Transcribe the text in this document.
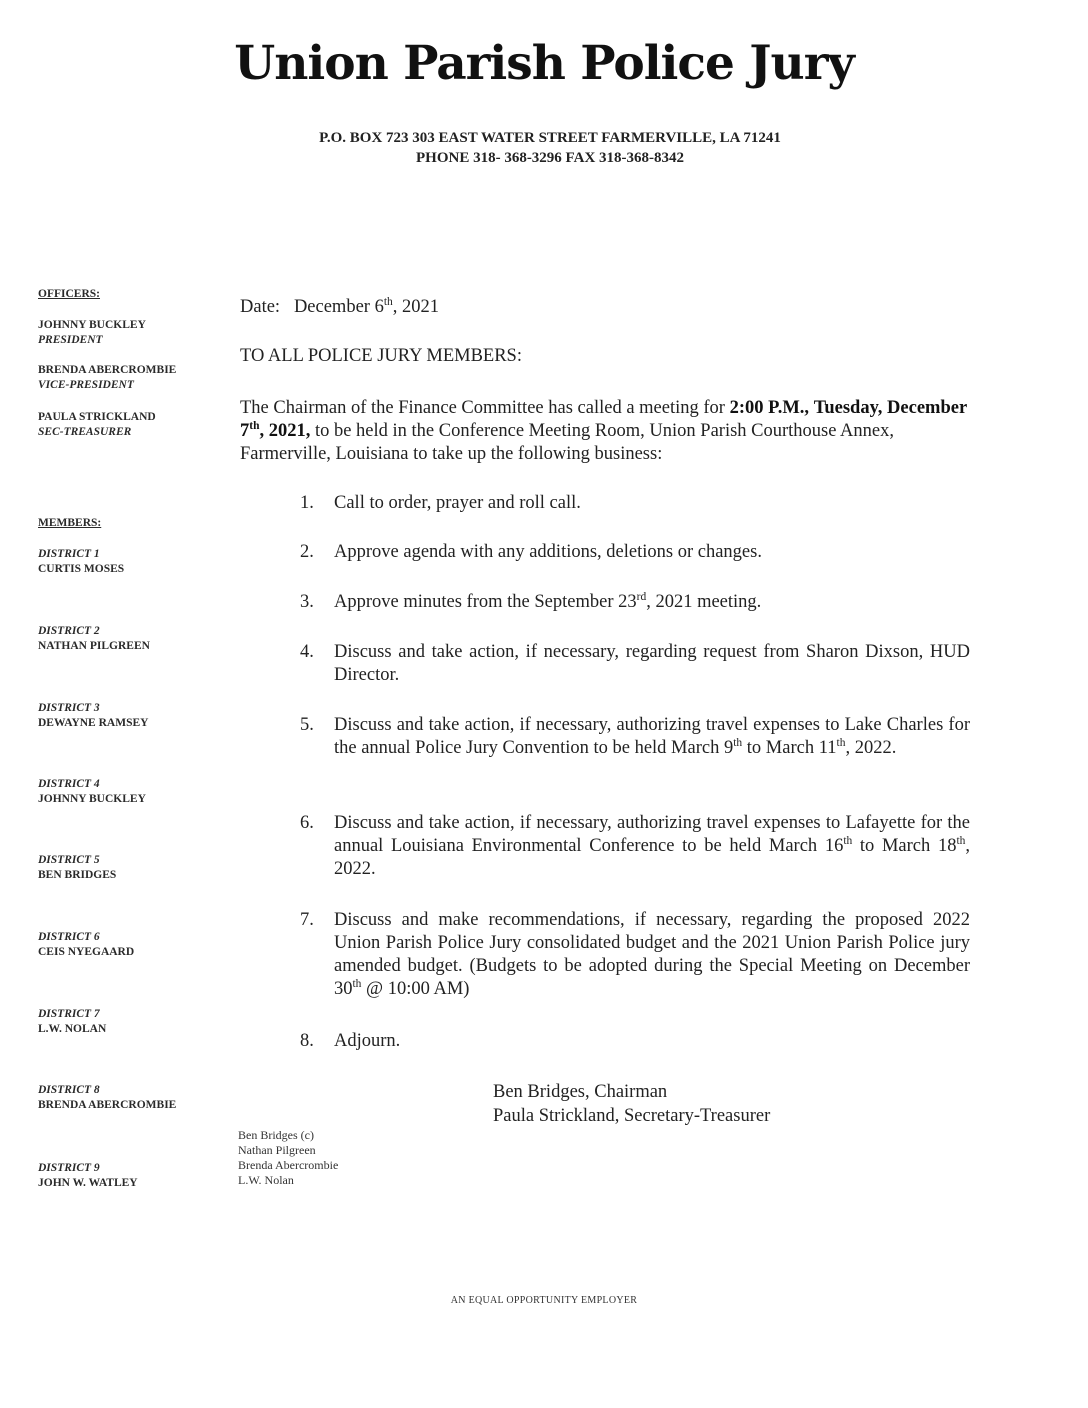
Union Parish Police Jury
P.O. BOX 723 303 EAST WATER STREET FARMERVILLE, LA 71241
PHONE 318- 368-3296 FAX 318-368-8342
OFFICERS:
JOHNNY BUCKLEY
PRESIDENT
BRENDA ABERCROMBIE
VICE-PRESIDENT
PAULA STRICKLAND
SEC-TREASURER
MEMBERS:
DISTRICT 1
CURTIS MOSES
DISTRICT 2
NATHAN PILGREEN
DISTRICT 3
DEWAYNE RAMSEY
DISTRICT 4
JOHNNY BUCKLEY
DISTRICT 5
BEN BRIDGES
DISTRICT 6
CEIS NYEGAARD
DISTRICT 7
L.W. NOLAN
DISTRICT 8
BRENDA ABERCROMBIE
DISTRICT 9
JOHN W. WATLEY
Date: December 6th, 2021
TO ALL POLICE JURY MEMBERS:
The Chairman of the Finance Committee has called a meeting for 2:00 P.M., Tuesday, December 7th, 2021, to be held in the Conference Meeting Room, Union Parish Courthouse Annex, Farmerville, Louisiana to take up the following business:
1.	Call to order, prayer and roll call.
2.	Approve agenda with any additions, deletions or changes.
3.	Approve minutes from the September 23rd, 2021 meeting.
4.	Discuss and take action, if necessary, regarding request from Sharon Dixson, HUD Director.
5.	Discuss and take action, if necessary, authorizing travel expenses to Lake Charles for the annual Police Jury Convention to be held March 9th to March 11th, 2022.
6.	Discuss and take action, if necessary, authorizing travel expenses to Lafayette for the annual Louisiana Environmental Conference to be held March 16th to March 18th, 2022.
7.	Discuss and make recommendations, if necessary, regarding the proposed 2022 Union Parish Police Jury consolidated budget and the 2021 Union Parish Police jury amended budget. (Budgets to be adopted during the Special Meeting on December 30th @ 10:00 AM)
8.	Adjourn.
Ben Bridges, Chairman
Paula Strickland, Secretary-Treasurer
Ben Bridges (c)
Nathan Pilgreen
Brenda Abercrombie
L.W. Nolan
AN EQUAL OPPORTUNITY EMPLOYER
